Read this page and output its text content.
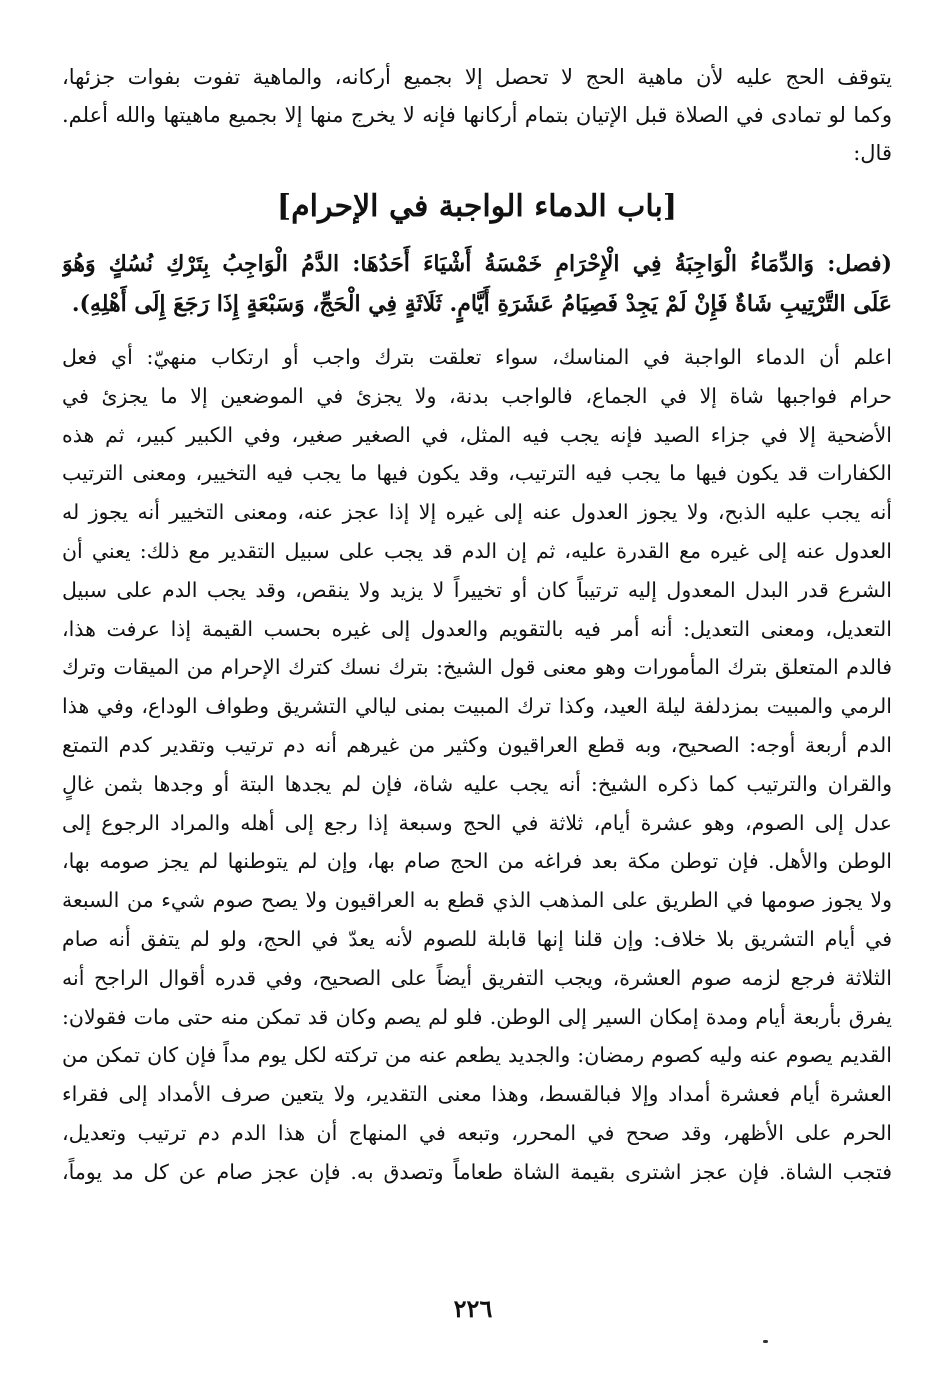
يتوقف الحج عليه لأن ماهية الحج لا تحصل إلا بجميع أركانه، والماهية تفوت بفوات جزئها،
وكما لو تمادى في الصلاة قبل الإتيان بتمام أركانها فإنه لا يخرج منها إلا بجميع ماهيتها والله أعلم.
قال:
[باب الدماء الواجبة في الإحرام]
(فصل: وَالدِّمَاءُ الْوَاجِبَةُ فِي الْإِحْرَامِ خَمْسَةُ أَشْيَاءَ أَحَدُهَا: الدَّمُ الْوَاجِبُ بِتَرْكِ نُسُكٍ وَهُوَ
عَلَى التَّرْتِيبِ شَاةٌ فَإِنْ لَمْ يَجِدْ فَصِيَامُ عَشَرَةِ أَيَّامٍ. ثَلَاثَةٍ فِي الْحَجِّ، وَسَبْعَةٍ إِذَا رَجَعَ إِلَى أَهْلِهِ).
اعلم أن الدماء الواجبة في المناسك، سواء تعلقت بترك واجب أو ارتكاب منهيّ: أي فعل
حرام فواجبها شاة إلا في الجماع، فالواجب بدنة، ولا يجزئ في الموضعين إلا ما يجزئ في
الأضحية إلا في جزاء الصيد فإنه يجب فيه المثل، في الصغير صغير، وفي الكبير كبير، ثم هذه
الكفارات قد يكون فيها ما يجب فيه الترتيب، وقد يكون فيها ما يجب فيه التخيير، ومعنى الترتيب
أنه يجب عليه الذبح، ولا يجوز العدول عنه إلى غيره إلا إذا عجز عنه، ومعنى التخيير أنه يجوز له
العدول عنه إلى غيره مع القدرة عليه، ثم إن الدم قد يجب على سبيل التقدير مع ذلك: يعني أن
الشرع قدر البدل المعدول إليه ترتيباً كان أو تخييراً لا يزيد ولا ينقص، وقد يجب الدم على سبيل
التعديل، ومعنى التعديل: أنه أمر فيه بالتقويم والعدول إلى غيره بحسب القيمة إذا عرفت هذا،
فالدم المتعلق بترك المأمورات وهو معنى قول الشيخ: بترك نسك كترك الإحرام من الميقات وترك
الرمي والمبيت بمزدلفة ليلة العيد، وكذا ترك المبيت بمنى ليالي التشريق وطواف الوداع، وفي هذا
الدم أربعة أوجه: الصحيح، وبه قطع العراقيون وكثير من غيرهم أنه دم ترتيب وتقدير كدم التمتع
والقران والترتيب كما ذكره الشيخ: أنه يجب عليه شاة، فإن لم يجدها البتة أو وجدها بثمن غالٍ
عدل إلى الصوم، وهو عشرة أيام، ثلاثة في الحج وسبعة إذا رجع إلى أهله والمراد الرجوع إلى
الوطن والأهل. فإن توطن مكة بعد فراغه من الحج صام بها، وإن لم يتوطنها لم يجز صومه بها،
ولا يجوز صومها في الطريق على المذهب الذي قطع به العراقيون ولا يصح صوم شيء من السبعة
في أيام التشريق بلا خلاف: وإن قلنا إنها قابلة للصوم لأنه يعدّ في الحج، ولو لم يتفق أنه صام
الثلاثة فرجع لزمه صوم العشرة، ويجب التفريق أيضاً على الصحيح، وفي قدره أقوال الراجح أنه
يفرق بأربعة أيام ومدة إمكان السير إلى الوطن. فلو لم يصم وكان قد تمكن منه حتى مات فقولان:
القديم يصوم عنه وليه كصوم رمضان: والجديد يطعم عنه من تركته لكل يوم مداً فإن كان تمكن من
العشرة أيام فعشرة أمداد وإلا فبالقسط، وهذا معنى التقدير، ولا يتعين صرف الأمداد إلى فقراء
الحرم على الأظهر، وقد صحح في المحرر، وتبعه في المنهاج أن هذا الدم دم ترتيب وتعديل،
فتجب الشاة. فإن عجز اشترى بقيمة الشاة طعاماً وتصدق به. فإن عجز صام عن كل مد يوماً،
٢٢٦
